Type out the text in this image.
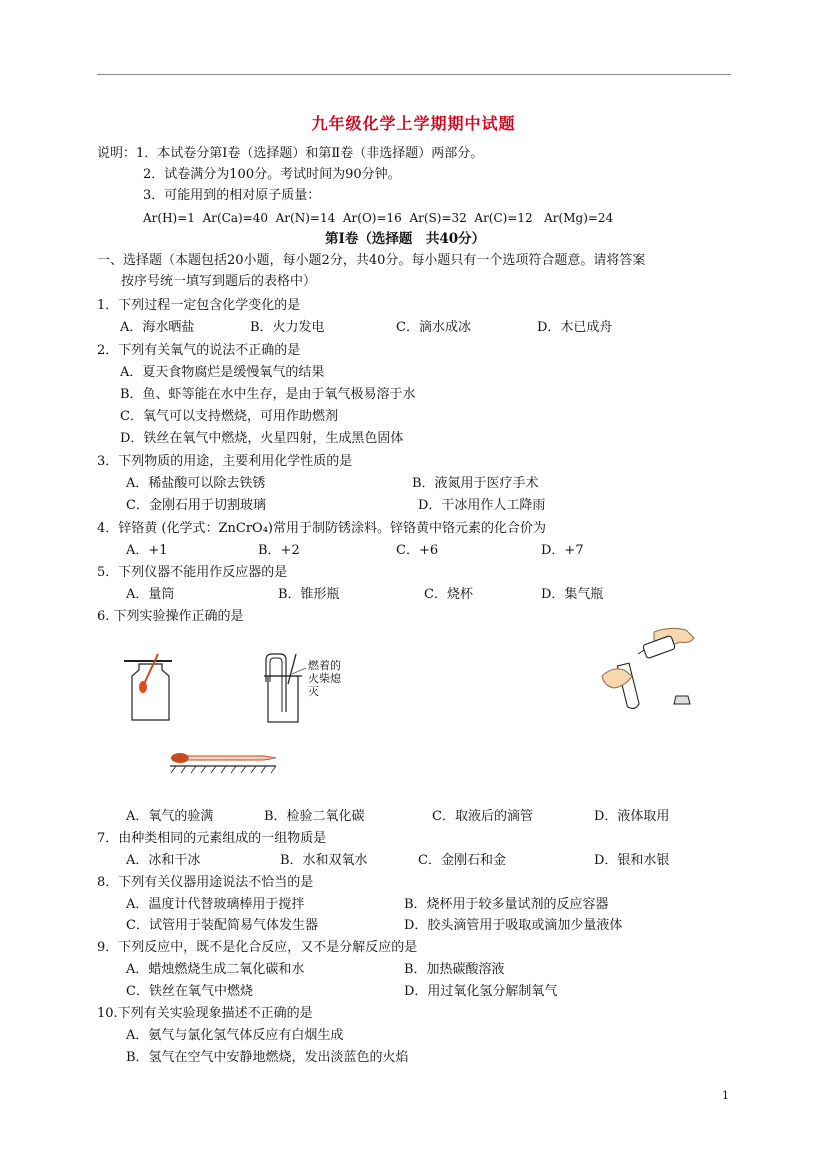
九年级化学上学期期中试题
说明：1．本试卷分第Ⅰ卷（选择题）和第Ⅱ卷（非选择题）两部分。
2．试卷满分为100分。考试时间为90分钟。
3．可能用到的相对原子质量：
Ar(H)=1 Ar(Ca)=40 Ar(N)=14 Ar(O)=16 Ar(S)=32 Ar(C)=12 Ar(Mg)=24
第Ⅰ卷（选择题　共40分）
一、选择题（本题包括20小题，每小题2分，共40分。每小题只有一个选项符合题意。请将答案
按序号统一填写到题后的表格中）
1．下列过程一定包含化学变化的是
A．海水晒盐	B．火力发电	C．滴水成冰	D．木已成舟
2．下列有关氧气的说法不正确的是
A．夏天食物腐烂是缓慢氧气的结果
B．鱼、虾等能在水中生存，是由于氧气极易溶于水
C．氧气可以支持燃烧，可用作助燃剂
D．铁丝在氧气中燃烧，火星四射，生成黑色固体
3．下列物质的用途，主要利用化学性质的是
A．稀盐酸可以除去铁锈	B．液氮用于医疗手术
C．金刚石用于切割玻璃	D．干冰用作人工降雨
4．锌铬黄 (化学式：ZnCrO₄)常用于制防锈涂料。锌铬黄中铬元素的化合价为
A．+1	B．+2	C．+6	D．+7
5．下列仪器不能用作反应器的是
A．量筒	B．锥形瓶	C．烧杯	D．集气瓶
6. 下列实验操作正确的是
燃着的火柴熄灭
A．氧气的验满	B．检验二氧化碳	C．取液后的滴管	D．液体取用
7．由种类相同的元素组成的一组物质是
A．冰和干冰	B．水和双氧水	C．金刚石和金	D．银和水银
8．下列有关仪器用途说法不恰当的是
A．温度计代替玻璃棒用于搅拌	B．烧杯用于较多量试剂的反应容器
C．试管用于装配简易气体发生器	D．胶头滴管用于吸取或滴加少量液体
9．下列反应中，既不是化合反应，又不是分解反应的是
A．蜡烛燃烧生成二氧化碳和水	B．加热碳酸溶液
C．铁丝在氧气中燃烧	D．用过氧化氢分解制氧气
10.下列有关实验现象描述不正确的是
A．氨气与氯化氢气体反应有白烟生成
B．氢气在空气中安静地燃烧，发出淡蓝色的火焰
1
